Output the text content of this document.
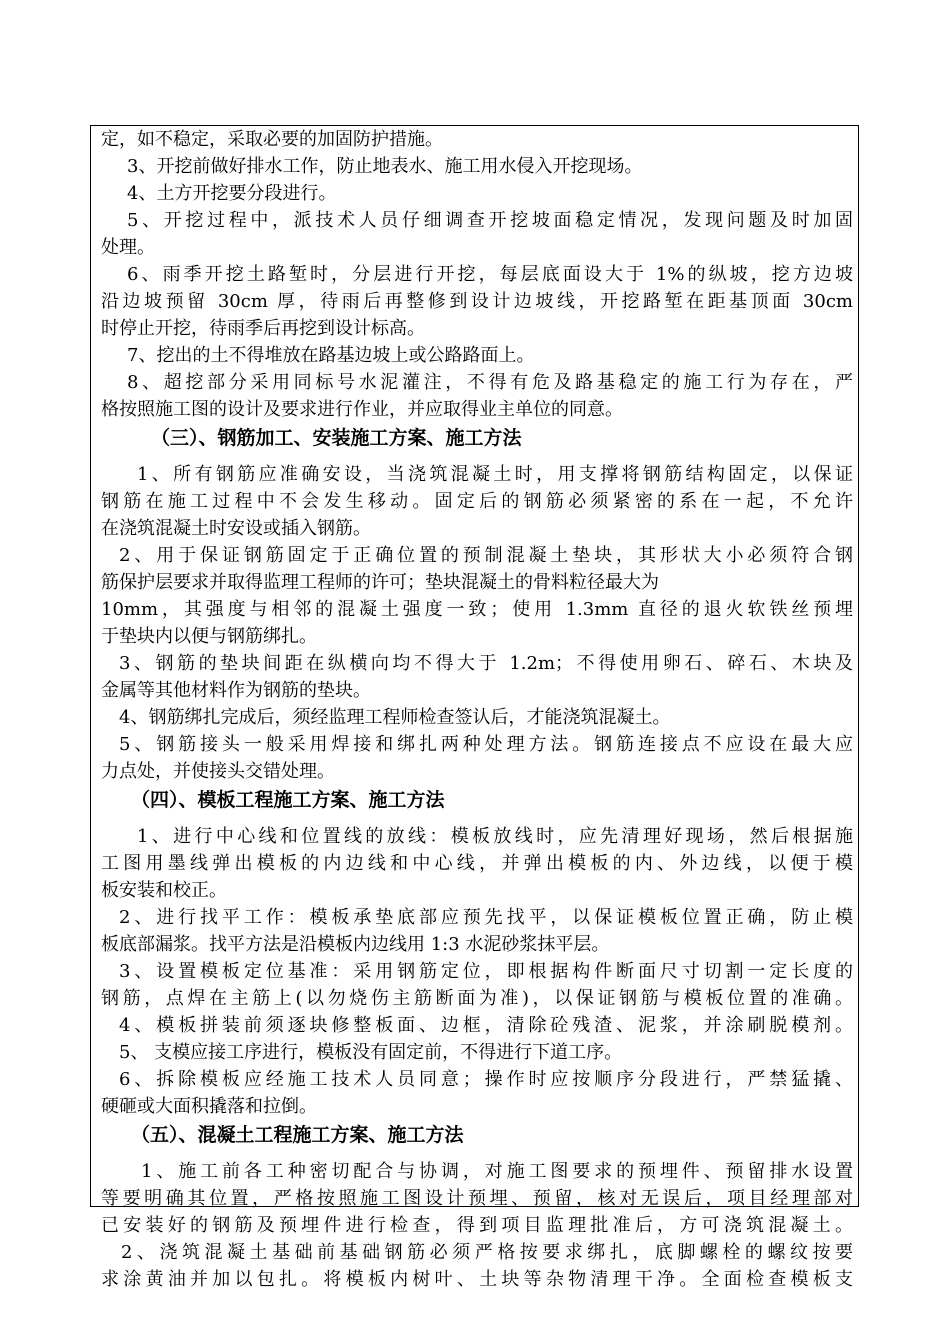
定，如不稳定，采取必要的加固防护措施。
3、开挖前做好排水工作，防止地表水、施工用水侵入开挖现场。
4、土方开挖要分段进行。
5、开挖过程中，派技术人员仔细调查开挖坡面稳定情况，发现问题及时加固
处理。
6、雨季开挖土路堑时，分层进行开挖，每层底面设大于 1%的纵坡，挖方边坡
沿边坡预留 30cm 厚，待雨后再整修到设计边坡线，开挖路堑在距基顶面 30cm
时停止开挖，待雨季后再挖到设计标高。
7、挖出的土不得堆放在路基边坡上或公路路面上。
8、超挖部分采用同标号水泥灌注，不得有危及路基稳定的施工行为存在，严
格按照施工图的设计及要求进行作业，并应取得业主单位的同意。
（三）、钢筋加工、安装施工方案、施工方法
1、所有钢筋应准确安设，当浇筑混凝土时，用支撑将钢筋结构固定，以保证
钢筋在施工过程中不会发生移动。固定后的钢筋必须紧密的系在一起，不允许
在浇筑混凝土时安设或插入钢筋。
2、用于保证钢筋固定于正确位置的预制混凝土垫块，其形状大小必须符合钢
筋保护层要求并取得监理工程师的许可；垫块混凝土的骨料粒径最大为
10mm，其强度与相邻的混凝土强度一致；使用 1.3mm 直径的退火软铁丝预埋
于垫块内以便与钢筋绑扎。
3、钢筋的垫块间距在纵横向均不得大于 1.2m；不得使用卵石、碎石、木块及
金属等其他材料作为钢筋的垫块。
4、钢筋绑扎完成后，须经监理工程师检查签认后，才能浇筑混凝土。
5、钢筋接头一般采用焊接和绑扎两种处理方法。钢筋连接点不应设在最大应
力点处，并使接头交错处理。
（四）、模板工程施工方案、施工方法
1、进行中心线和位置线的放线：模板放线时，应先清理好现场，然后根据施
工图用墨线弹出模板的内边线和中心线，并弹出模板的内、外边线，以便于模
板安装和校正。
2、进行找平工作：模板承垫底部应预先找平，以保证模板位置正确，防止模
板底部漏浆。找平方法是沿模板内边线用 1:3 水泥砂浆抹平层。
3、设置模板定位基准：采用钢筋定位，即根据构件断面尺寸切割一定长度的
钢筋，点焊在主筋上(以勿烧伤主筋断面为准)，以保证钢筋与模板位置的准确。
4、模板拼装前须逐块修整板面、边框，清除砼残渣、泥浆，并涂刷脱模剂。
5、 支模应接工序进行，模板没有固定前，不得进行下道工序。
6、拆除模板应经施工技术人员同意；操作时应按顺序分段进行，严禁猛撬、
硬砸或大面积撬落和拉倒。
（五）、混凝土工程施工方案、施工方法
1、施工前各工种密切配合与协调，对施工图要求的预埋件、预留排水设置
等要明确其位置，严格按照施工图设计预埋、预留，核对无误后，项目经理部对
已安装好的钢筋及预埋件进行检查，得到项目监理批准后，方可浇筑混凝土。
2、浇筑混凝土基础前基础钢筋必须严格按要求绑扎，底脚螺栓的螺纹按要
求涂黄油并加以包扎。将模板内树叶、土块等杂物清理干净。全面检查模板支
